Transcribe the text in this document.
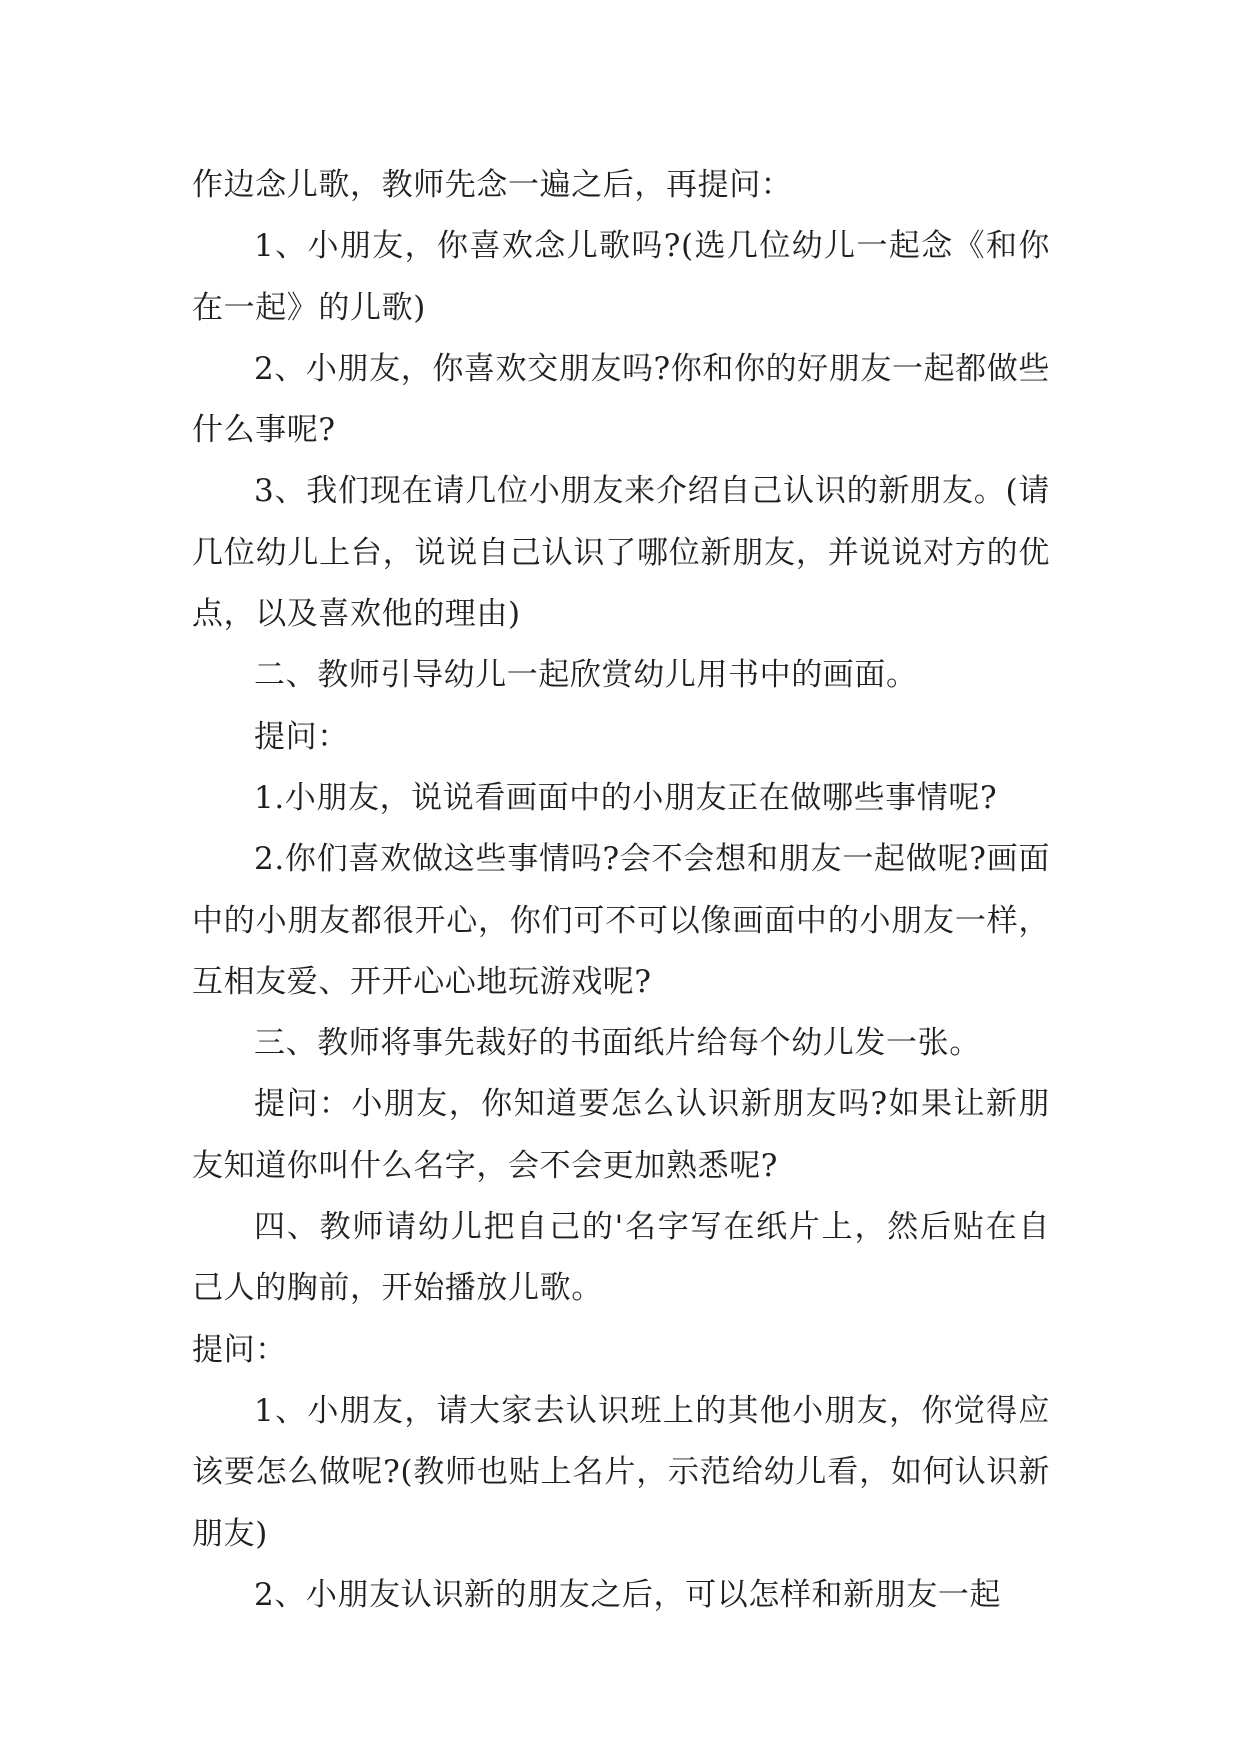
作边念儿歌，教师先念一遍之后，再提问：

1、小朋友，你喜欢念儿歌吗?(选几位幼儿一起念《和你在一起》的儿歌)

2、小朋友，你喜欢交朋友吗?你和你的好朋友一起都做些什么事呢?

3、我们现在请几位小朋友来介绍自己认识的新朋友。(请几位幼儿上台，说说自己认识了哪位新朋友，并说说对方的优点，以及喜欢他的理由)

二、教师引导幼儿一起欣赏幼儿用书中的画面。

提问：

1.小朋友，说说看画面中的小朋友正在做哪些事情呢?

2.你们喜欢做这些事情吗?会不会想和朋友一起做呢?画面中的小朋友都很开心，你们可不可以像画面中的小朋友一样，互相友爱、开开心心地玩游戏呢?

三、教师将事先裁好的书面纸片给每个幼儿发一张。

提问：小朋友，你知道要怎么认识新朋友吗?如果让新朋友知道你叫什么名字，会不会更加熟悉呢?

四、教师请幼儿把自己的'名字写在纸片上，然后贴在自己人的胸前，开始播放儿歌。

提问：

1、小朋友，请大家去认识班上的其他小朋友，你觉得应该要怎么做呢?(教师也贴上名片，示范给幼儿看，如何认识新朋友)

2、小朋友认识新的朋友之后，可以怎样和新朋友一起
